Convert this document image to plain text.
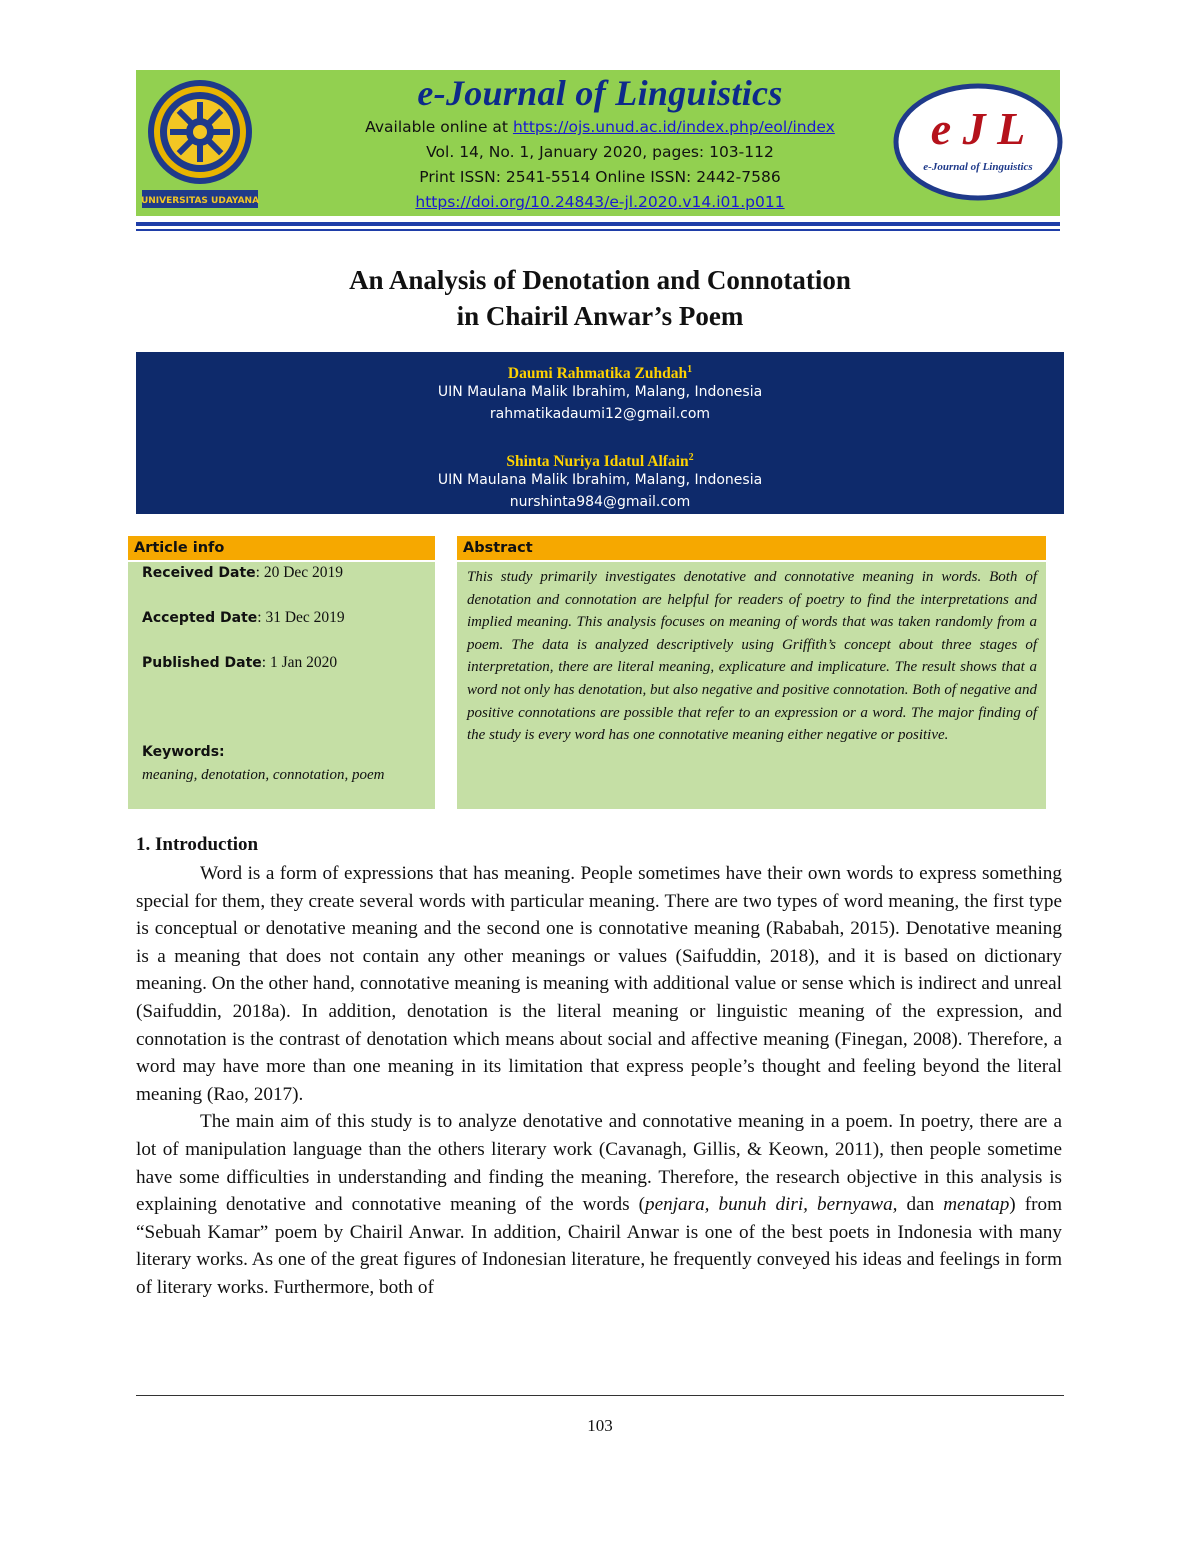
UNIVERSITAS UDAYANA
e-Journal of Linguistics
Available online at https://ojs.unud.ac.id/index.php/eol/index
Vol. 14, No. 1, January 2020, pages: 103-112
Print ISSN: 2541-5514 Online ISSN: 2442-7586
https://doi.org/10.24843/e-jl.2020.v14.i01.p011
e J L
e-Journal of Linguistics
An Analysis of Denotation and Connotation
in Chairil Anwar’s Poem
Daumi Rahmatika Zuhdah$^1$
UIN Maulana Malik Ibrahim, Malang, Indonesia
rahmatikadaumi12@gmail.com
Shinta Nuriya Idatul Alfain$^2$
UIN Maulana Malik Ibrahim, Malang, Indonesia
nurshinta984@gmail.com
Article info
Received Date: 20 Dec 2019
Accepted Date: 31 Dec 2019
Published Date: 1 Jan 2020
Keywords:
meaning, denotation, connotation, poem
Abstract
This study primarily investigates denotative and connotative meaning in words. Both of denotation and connotation are helpful for readers of poetry to find the interpretations and implied meaning. This analysis focuses on meaning of words that was taken randomly from a poem. The data is analyzed descriptively using Griffith’s concept about three stages of interpretation, there are literal meaning, explicature and implicature. The result shows that a word not only has denotation, but also negative and positive connotation. Both of negative and positive connotations are possible that refer to an expression or a word. The major finding of the study is every word has one connotative meaning either negative or positive.
1. Introduction

Word is a form of expressions that has meaning. People sometimes have their own words to express something special for them, they create several words with particular meaning. There are two types of word meaning, the first type is conceptual or denotative meaning and the second one is connotative meaning (Rababah, 2015). Denotative meaning is a meaning that does not contain any other meanings or values (Saifuddin, 2018), and it is based on dictionary meaning. On the other hand, connotative meaning is meaning with additional value or sense which is indirect and unreal (Saifuddin, 2018a). In addition, denotation is the literal meaning or linguistic meaning of the expression, and connotation is the contrast of denotation which means about social and affective meaning (Finegan, 2008). Therefore, a word may have more than one meaning in its limitation that express people’s thought and feeling beyond the literal meaning (Rao, 2017).

The main aim of this study is to analyze denotative and connotative meaning in a poem. In poetry, there are a lot of manipulation language than the others literary work (Cavanagh, Gillis, & Keown, 2011), then people sometime have some difficulties in understanding and finding the meaning. Therefore, the research objective in this analysis is explaining denotative and connotative meaning of the words (penjara, bunuh diri, bernyawa, dan menatap) from “Sebuah Kamar” poem by Chairil Anwar. In addition, Chairil Anwar is one of the best poets in Indonesia with many literary works. As one of the great figures of Indonesian literature, he frequently conveyed his ideas and feelings in form of literary works. Furthermore, both of

103
